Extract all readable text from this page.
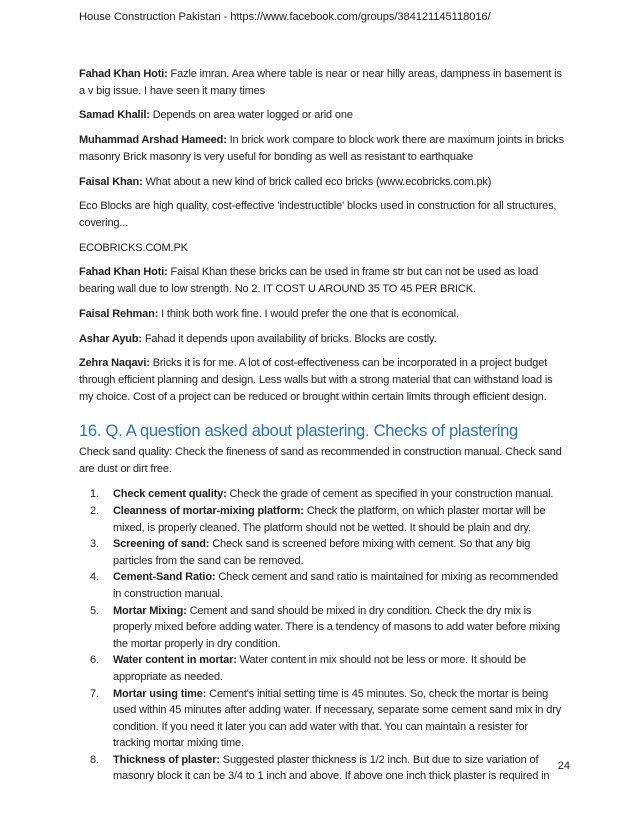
House Construction Pakistan - https://www.facebook.com/groups/384121145118016/

Fahad Khan Hoti: Fazle imran. Area where table is near or near hilly areas, dampness in basement is a v big issue. I have seen it many times

Samad Khalil: Depends on area water logged or arid one

Muhammad Arshad Hameed: In brick work compare to block work there are maximum joints in bricks masonry Brick masonry is very useful for bonding as well as resistant to earthquake

Faisal Khan: What about a new kind of brick called eco bricks (www.ecobricks.com.pk)

Eco Blocks are high quality, cost-effective 'indestructible' blocks used in construction for all structures, covering...

ECOBRICKS.COM.PK

Fahad Khan Hoti: Faisal Khan these bricks can be used in frame str but can not be used as load bearing wall due to low strength. No 2. IT COST U AROUND 35 TO 45 PER BRICK.

Faisal Rehman: I think both work fine. I would prefer the one that is economical.

Ashar Ayub: Fahad it depends upon availability of bricks. Blocks are costly.

Zehra Naqavi: Bricks it is for me. A lot of cost-effectiveness can be incorporated in a project budget through efficient planning and design. Less walls but with a strong material that can withstand load is my choice. Cost of a project can be reduced or brought within certain limits through efficient design.

16. Q. A question asked about plastering. Checks of plastering

Check sand quality: Check the fineness of sand as recommended in construction manual. Check sand are dust or dirt free.

1. Check cement quality: Check the grade of cement as specified in your construction manual.
2. Cleanness of mortar-mixing platform: Check the platform, on which plaster mortar will be mixed, is properly cleaned. The platform should not be wetted. It should be plain and dry.
3. Screening of sand: Check sand is screened before mixing with cement. So that any big particles from the sand can be removed.
4. Cement-Sand Ratio: Check cement and sand ratio is maintained for mixing as recommended in construction manual.
5. Mortar Mixing: Cement and sand should be mixed in dry condition. Check the dry mix is properly mixed before adding water. There is a tendency of masons to add water before mixing the mortar properly in dry condition.
6. Water content in mortar: Water content in mix should not be less or more. It should be appropriate as needed.
7. Mortar using time: Cement's initial setting time is 45 minutes. So, check the mortar is being used within 45 minutes after adding water. If necessary, separate some cement sand mix in dry condition. If you need it later you can add water with that. You can maintain a resister for tracking mortar mixing time.
8. Thickness of plaster: Suggested plaster thickness is 1/2 inch. But due to size variation of masonry block it can be 3/4 to 1 inch and above. If above one inch thick plaster is required in
24
